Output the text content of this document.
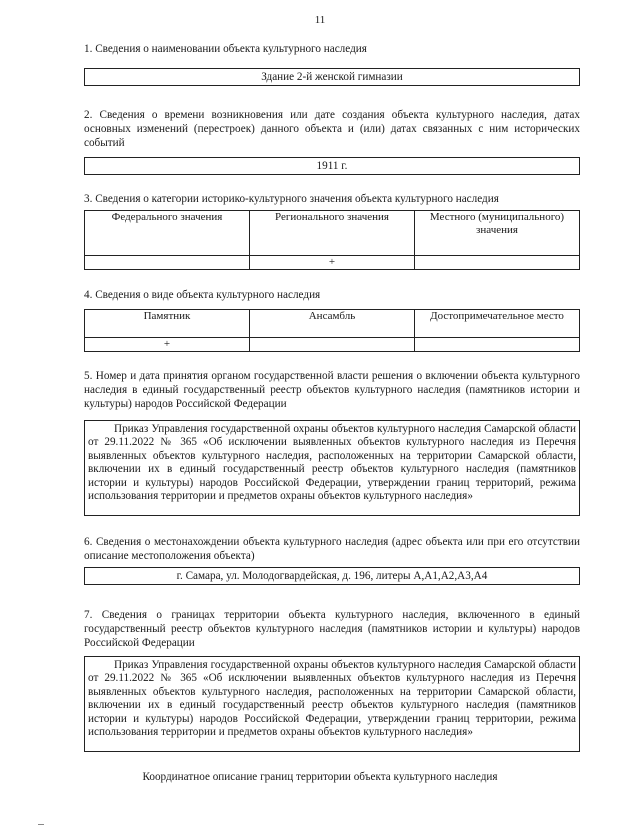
11
1. Сведения о наименовании объекта культурного наследия
Здание 2-й женской гимназии
2. Сведения о времени возникновения или дате создания объекта культурного наследия, датах основных изменений (перестроек) данного объекта и (или) датах связанных с ним исторических событий
1911 г.
3. Сведения о категории историко-культурного значения объекта культурного наследия
Федерального значения	Регионального значения	Местного (муниципального) значения
	+	
4. Сведения о виде объекта культурного наследия
Памятник	Ансамбль	Достопримечательное место
+		
5. Номер и дата принятия органом государственной власти решения о включении объекта культурного наследия в единый государственный реестр объектов культурного наследия (памятников истории и культуры) народов Российской Федерации
Приказ Управления государственной охраны объектов культурного наследия Самарской области от 29.11.2022 № 365 «Об исключении выявленных объектов культурного наследия из Перечня выявленных объектов культурного наследия, расположенных на территории Самарской области, включении их в единый государственный реестр объектов культурного наследия (памятников истории и культуры) народов Российской Федерации, утверждении границ территорий, режима использования территории и предметов охраны объектов культурного наследия»
6. Сведения о местонахождении объекта культурного наследия (адрес объекта или при его отсутствии описание местоположения объекта)
г. Самара, ул. Молодогвардейская, д. 196, литеры А,А1,А2,А3,А4
7. Сведения о границах территории объекта культурного наследия, включенного в единый государственный реестр объектов культурного наследия (памятников истории и культуры) народов Российской Федерации
Приказ Управления государственной охраны объектов культурного наследия Самарской области от 29.11.2022 № 365 «Об исключении выявленных объектов культурного наследия из Перечня выявленных объектов культурного наследия, расположенных на территории Самарской области, включении их в единый государственный реестр объектов культурного наследия (памятников истории и культуры) народов Российской Федерации, утверждении границ территории, режима использования территории и предметов охраны объектов культурного наследия»
Координатное описание границ территории объекта культурного наследия
